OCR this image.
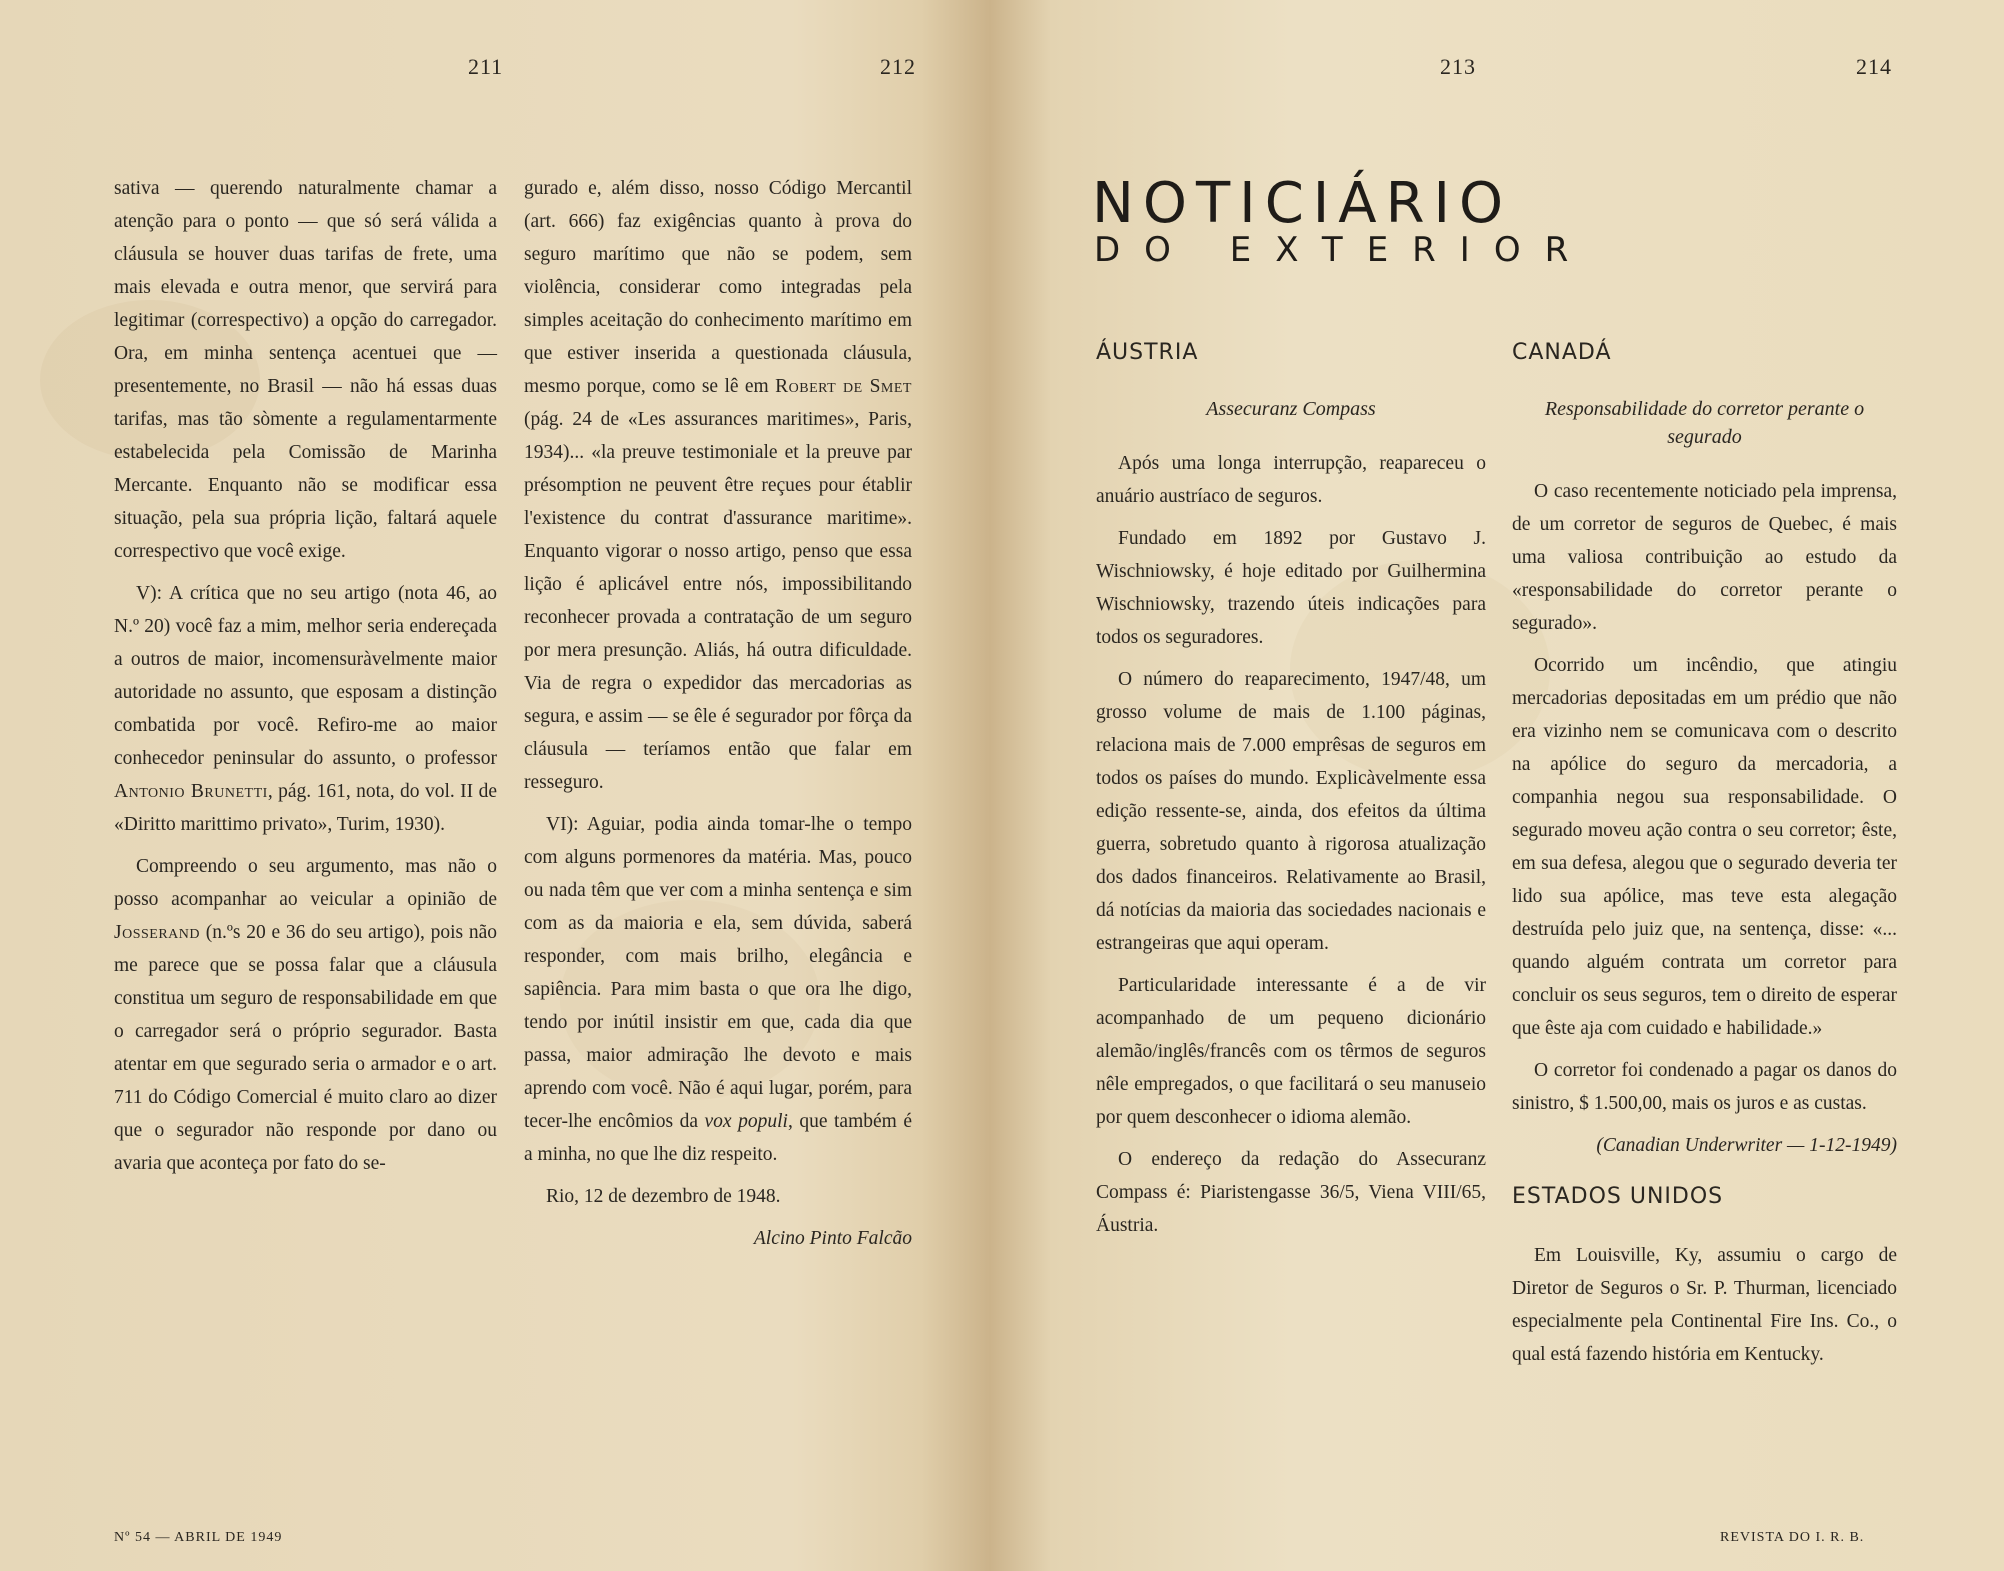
211	212

sativa — querendo naturalmente chamar a atenção para o ponto — que só será válida a cláusula se houver duas tarifas de frete, uma mais elevada e outra menor, que servirá para legitimar (correspectivo) a opção do carregador. Ora, em minha sentença acentuei que — presentemente, no Brasil — não há essas duas tarifas, mas tão sòmente a regulamentarmente estabelecida pela Comissão de Marinha Mercante. Enquanto não se modificar essa situação, pela sua própria lição, faltará aquele correspectivo que você exige.

V): A crítica que no seu artigo (nota 46, ao N.º 20) você faz a mim, melhor seria endereçada a outros de maior, incomensuràvelmente maior autoridade no assunto, que esposam a distinção combatida por você. Refiro-me ao maior conhecedor peninsular do assunto, o professor Antonio Brunetti, pág. 161, nota, do vol. II de «Diritto marittimo privato», Turim, 1930).

Compreendo o seu argumento, mas não o posso acompanhar ao veicular a opinião de Josserand (n.ºs 20 e 36 do seu artigo), pois não me parece que se possa falar que a cláusula constitua um seguro de responsabilidade em que o carregador será o próprio segurador. Basta atentar em que segurado seria o armador e o art. 711 do Código Comercial é muito claro ao dizer que o segurador não responde por dano ou avaria que aconteça por fato do se-

gurado e, além disso, nosso Código Mercantil (art. 666) faz exigências quanto à prova do seguro marítimo que não se podem, sem violência, considerar como integradas pela simples aceitação do conhecimento marítimo em que estiver inserida a questionada cláusula, mesmo porque, como se lê em Robert de Smet (pág. 24 de «Les assurances maritimes», Paris, 1934)... «la preuve testimoniale et la preuve par présomption ne peuvent être reçues pour établir l'existence du contrat d'assurance maritime». Enquanto vigorar o nosso artigo, penso que essa lição é aplicável entre nós, impossibilitando reconhecer provada a contratação de um seguro por mera presunção. Aliás, há outra dificuldade. Via de regra o expedidor das mercadorias as segura, e assim — se êle é segurador por fôrça da cláusula — teríamos então que falar em resseguro.

VI): Aguiar, podia ainda tomar-lhe o tempo com alguns pormenores da matéria. Mas, pouco ou nada têm que ver com a minha sentença e sim com as da maioria e ela, sem dúvida, saberá responder, com mais brilho, elegância e sapiência. Para mim basta o que ora lhe digo, tendo por inútil insistir em que, cada dia que passa, maior admiração lhe devoto e mais aprendo com você. Não é aqui lugar, porém, para tecer-lhe encômios da vox populi, que também é a minha, no que lhe diz respeito.

Rio, 12 de dezembro de 1948.

Alcino Pinto Falcão

Nº 54 — ABRIL DE 1949
213	214
REVISTA DO I. R. B.
NOTICIÁRIO
DO EXTERIOR
ÁUSTRIA
Assecuranz Compass

Após uma longa interrupção, reapareceu o anuário austríaco de seguros.

Fundado em 1892 por Gustavo J. Wischniowsky, é hoje editado por Guilhermina Wischniowsky, trazendo úteis indicações para todos os seguradores.

O número do reaparecimento, 1947/48, um grosso volume de mais de 1.100 páginas, relaciona mais de 7.000 emprêsas de seguros em todos os países do mundo. Explicàvelmente essa edição ressente-se, ainda, dos efeitos da última guerra, sobretudo quanto à rigorosa atualização dos dados financeiros. Relativamente ao Brasil, dá notícias da maioria das sociedades nacionais e estrangeiras que aqui operam.

Particularidade interessante é a de vir acompanhado de um pequeno dicionário alemão/inglês/francês com os têrmos de seguros nêle empregados, o que facilitará o seu manuseio por quem desconhecer o idioma alemão.

O endereço da redação do Assecuranz Compass é: Piaristengasse 36/5, Viena VIII/65, Áustria.

CANADÁ
Responsabilidade do corretor perante o segurado

O caso recentemente noticiado pela imprensa, de um corretor de seguros de Quebec, é mais uma valiosa contribuição ao estudo da «responsabilidade do corretor perante o segurado».

Ocorrido um incêndio, que atingiu mercadorias depositadas em um prédio que não era vizinho nem se comunicava com o descrito na apólice do seguro da mercadoria, a companhia negou sua responsabilidade. O segurado moveu ação contra o seu corretor; êste, em sua defesa, alegou que o segurado deveria ter lido sua apólice, mas teve esta alegação destruída pelo juiz que, na sentença, disse: «... quando alguém contrata um corretor para concluir os seus seguros, tem o direito de esperar que êste aja com cuidado e habilidade.»

O corretor foi condenado a pagar os danos do sinistro, $ 1.500,00, mais os juros e as custas.

(Canadian Underwriter — 1-12-1949)

ESTADOS UNIDOS

Em Louisville, Ky, assumiu o cargo de Diretor de Seguros o Sr. P. Thurman, licenciado especialmente pela Continental Fire Ins. Co., o qual está fazendo história em Kentucky.
